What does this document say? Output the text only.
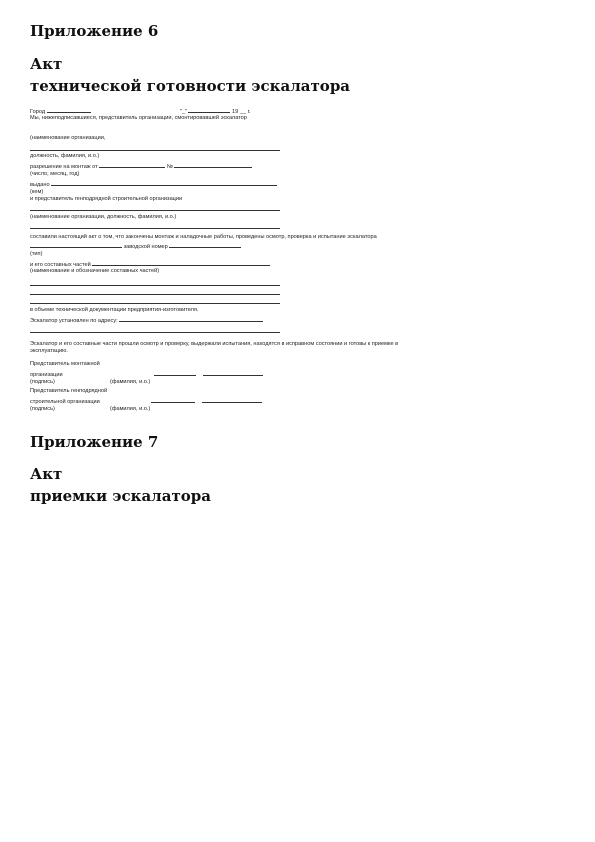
Приложение 6
Акт
технической готовности эскалатора
Город	"_"	19 __ г.
Мы, нижеподписавшиеся, представитель организации, смонтировавшей эскалатор
(наименование организации,
должность, фамилия, и.о.)
разрешение на монтаж от	№
(число, месяц, год)
выдано
(кем)
и представитель генподрядной строительной организации
(наименование организации, должность, фамилия, и.о.)
составили настоящий акт о том, что закончены монтаж и наладочные работы, проведены осмотр, проверка и испытание эскалатора
заводской номер
(тип)
и его составных частей
(наименование и обозначение составных частей)
в объеме технической документации предприятия-изготовителя.
Эскалатор установлен по адресу:
Эскалатор и его составные части прошли осмотр и проверку, выдержали испытания, находятся в исправном состоянии и готовы к приемке в
эксплуатацию.
Представитель монтажной
организации
(подпись)	(фамилия, и.о.)
Представитель генподрядной
строительной организации
(подпись)	(фамилия, и.о.)
Приложение 7
Акт
приемки эскалатора
